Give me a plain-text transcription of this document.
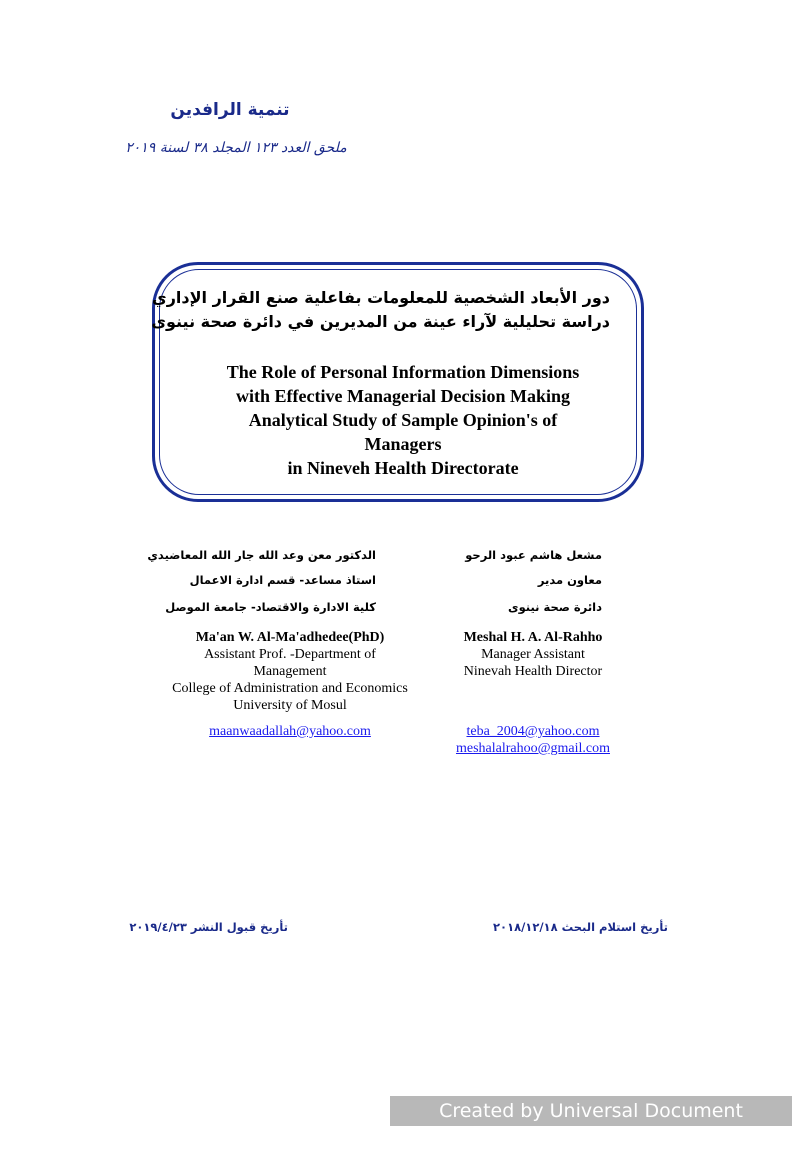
تنمية الرافدين
ملحق العدد ١٢٣ المجلد ٣٨ لسنة ٢٠١٩
دور الأبعاد الشخصية للمعلومات بفاعلية صنع القرار الإداري
دراسة تحليلية لآراء عينة من المديرين في دائرة صحة نينوى
The Role of Personal Information Dimensions
with Effective Managerial Decision Making
Analytical Study of Sample Opinion's of
Managers
in Nineveh Health Directorate
الدكتور معن وعد الله جار الله المعاضيدي
استاذ مساعد- قسم ادارة الاعمال
كلية الادارة والاقتصاد- جامعة الموصل
مشعل هاشم عبود الرحو
معاون مدير
دائرة صحة نينوى
Ma'an W. Al-Ma'adhedee(PhD)
Assistant Prof. -Department of
Management
College of Administration and Economics
University of Mosul
maanwaadallah@yahoo.com
Meshal H. A. Al-Rahho
Manager Assistant
Ninevah Health Director
teba_2004@yahoo.com
meshalalrahoo@gmail.com
تأريخ استلام البحث ٢٠١٨/١٢/١٨
تأريخ قبول النشر ٢٠١٩/٤/٢٣
Created by Universal Document Converter
